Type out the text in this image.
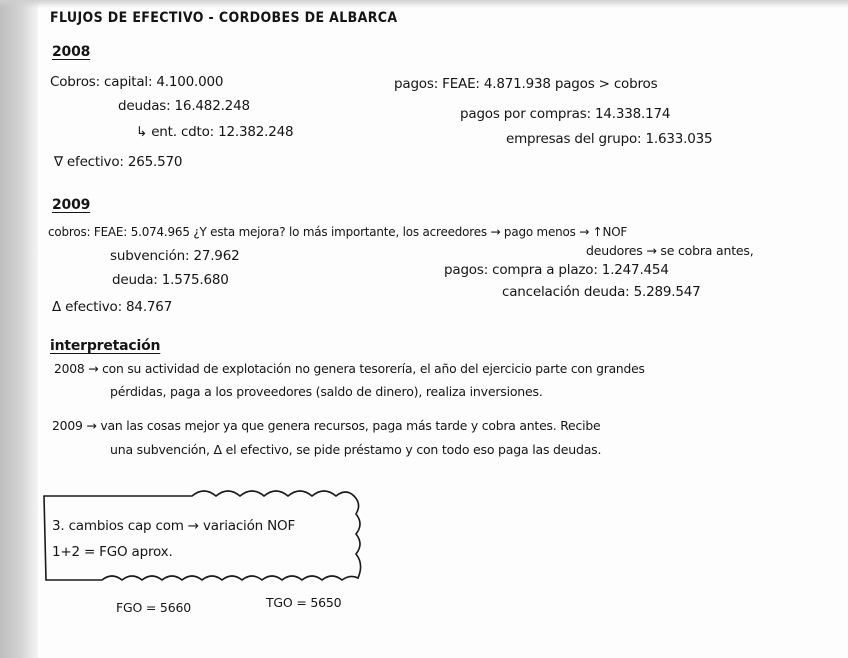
FLUJOS DE EFECTIVO - CORDOBES DE ALBARCA
2008
Cobros: capital: 4.100.000
deudas: 16.482.248
↳ ent. cdto: 12.382.248
pagos: FEAE: 4.871.938 pagos > cobros
pagos por compras: 14.338.174
empresas del grupo: 1.633.035
∇ efectivo: 265.570
2009
cobros: FEAE: 5.074.965 ¿Y esta mejora? lo más importante, los acreedores → pago menos → ↑NOF
deudores → se cobra antes,
subvención: 27.962
deuda: 1.575.680
pagos: compra a plazo: 1.247.454
cancelación deuda: 5.289.547
Δ efectivo: 84.767
interpretación
2008 → con su actividad de explotación no genera tesorería, el año del ejercicio parte con grandes
pérdidas, paga a los proveedores (saldo de dinero), realiza inversiones.
2009 → van las cosas mejor ya que genera recursos, paga más tarde y cobra antes. Recibe
una subvención, Δ el efectivo, se pide préstamo y con todo eso paga las deudas.
3. cambios cap com → variación NOF
1+2 = FGO aprox.
FGO = 5660	TGO = 5650
